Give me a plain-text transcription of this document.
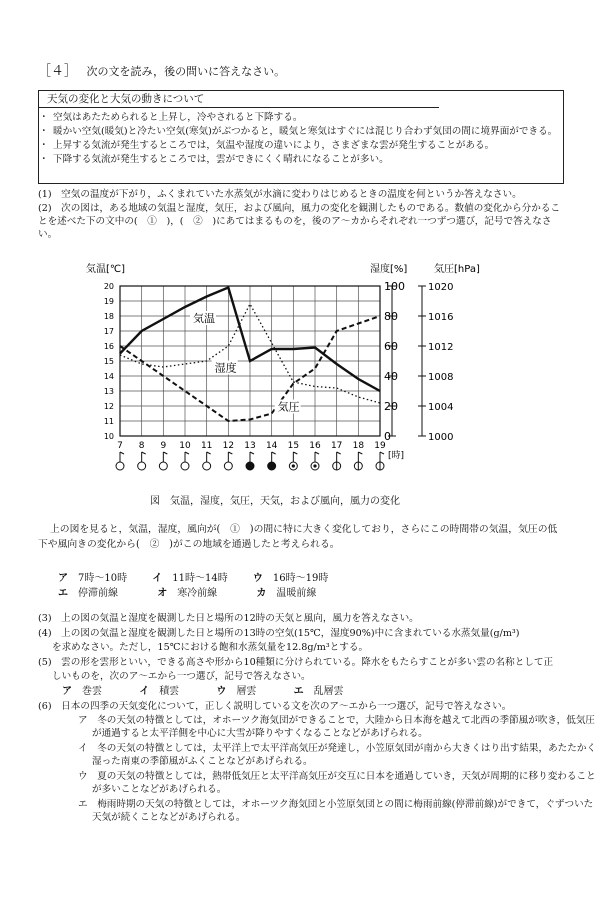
［４］ 次の文を読み，後の問いに答えなさい。
天気の変化と大気の動きについて
・ 空気はあたためられると上昇し，冷やされると下降する。
・ 暖かい空気(暖気)と冷たい空気(寒気)がぶつかると，暖気と寒気はすぐには混じり合わず気団の間に境界面ができる。
・ 上昇する気流が発生するところでは，気温や湿度の違いにより，さまざまな雲が発生することがある。
・ 下降する気流が発生するところでは，雲ができにくく晴れになることが多い。
(1)　空気の温度が下がり，ふくまれていた水蒸気が水滴に変わりはじめるときの温度を何というか答えなさい。
(2)　次の図は，ある地域の気温と湿度，気圧，および風向，風力の変化を観測したものである。数値の変化から分かることを述べた下の文中の(　①　)，(　②　)にあてはまるものを，後のア～カからそれぞれ一つずつ選び，記号で答えなさい。
10
11
12
13
14
15
16
17
18
19
20
7 8 9 10 11 12 13 14 15 16 17 18 19
0
20
40
60
80
100
1000
1004
1008
1012
1016
1020
気温[℃]	湿度[%]	気圧[hPa]
[時]
気温
湿度
気圧
図　気温，湿度，気圧，天気，および風向，風力の変化
上の図を見ると，気温，湿度，風向が(　①　)の間に特に大きく変化しており，さらにこの時間帯の気温，気圧の低下や風向きの変化から(　②　)がこの地域を通過したと考えられる。
ア　 7時～10時	イ　 11時～14時	ウ　 16時～19時
エ　 停滞前線	オ　 寒冷前線	カ　 温暖前線
(3)　上の図の気温と湿度を観測した日と場所の12時の天気と風向，風力を答えなさい。
(4)　上の図の気温と湿度を観測した日と場所の13時の空気(15℃，湿度90%)中に含まれている水蒸気量(g/m³)
を求めなさい。ただし，15℃における飽和水蒸気量を12.8g/m³とする。
(5)　雲の形を雲形といい，できる高さや形から10種類に分けられている。降水をもたらすことが多い雲の名称として正
しいものを，次のア～エから一つ選び，記号で答えなさい。
ア　 巻雲	イ　 積雲	ウ　 層雲	エ　 乱層雲
(6)　日本の四季の天気変化について，正しく説明している文を次のア～エから一つ選び，記号で答えなさい。
ア　 冬の天気の特徴としては，オホーツク海気団ができることで，大陸から日本海を越えて北西の季節風が吹き，低気圧が通過すると太平洋側を中心に大雪が降りやすくなることなどがあげられる。
イ　 冬の天気の特徴としては，太平洋上で太平洋高気圧が発達し，小笠原気団が南から大きくはり出す結果，あたたかく湿った南東の季節風がふくことなどがあげられる。
ウ　 夏の天気の特徴としては，熱帯低気圧と太平洋高気圧が交互に日本を通過していき，天気が周期的に移り変わることが多いことなどがあげられる。
エ　 梅雨時期の天気の特徴としては，オホーツク海気団と小笠原気団との間に梅雨前線(停滞前線)ができて，ぐずついた天気が続くことなどがあげられる。
